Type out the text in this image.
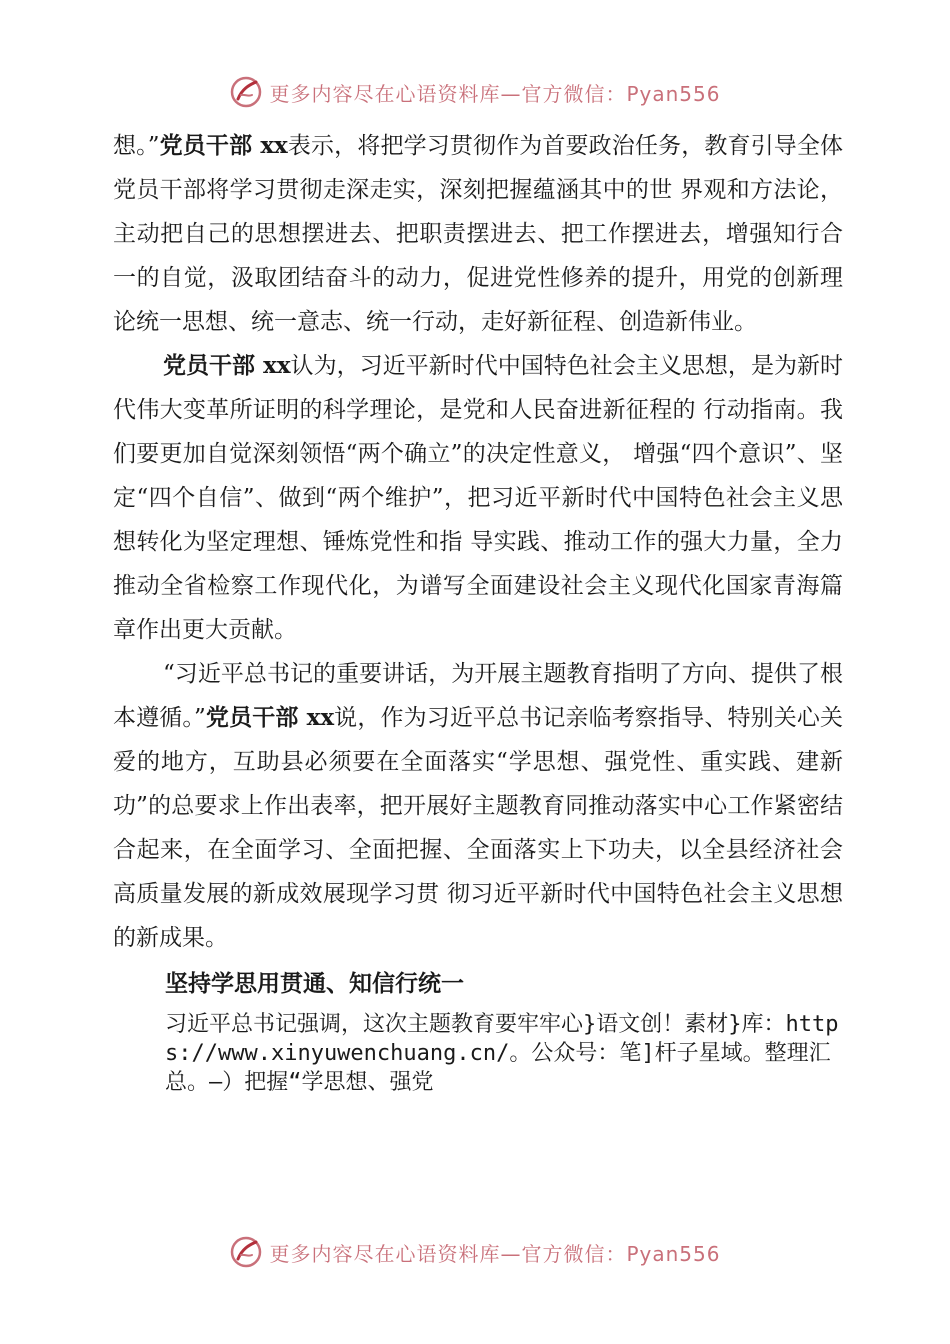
更多内容尽在心语资料库—官方微信：Pyan556

想。”党员干部 xx表示，将把学习贯彻作为首要政治任务，教育引导全体党员干部将学习贯彻走深走实，深刻把握蕴涵其中的世 界观和方法论，主动把自己的思想摆进去、把职责摆进去、把工作摆进去，增强知行合一的自觉，汲取团结奋斗的动力，促进党性修养的提升，用党的创新理论统一思想、统一意志、统一行动，走好新征程、创造新伟业。

党员干部 xx认为，习近平新时代中国特色社会主义思想，是为新时代伟大变革所证明的科学理论，是党和人民奋进新征程的 行动指南。我们要更加自觉深刻领悟“两个确立”的决定性意义， 增强“四个意识”、坚定“四个自信”、做到“两个维护”，把习近平新时代中国特色社会主义思想转化为坚定理想、锤炼党性和指 导实践、推动工作的强大力量，全力推动全省检察工作现代化，为谱写全面建设社会主义现代化国家青海篇章作出更大贡献。

“习近平总书记的重要讲话，为开展主题教育指明了方向、提供了根本遵循。”党员干部 xx说，作为习近平总书记亲临考察指导、特别关心关爱的地方，互助县必须要在全面落实“学思想、强党性、重实践、建新功”的总要求上作出表率，把开展好主题教育同推动落实中心工作紧密结合起来，在全面学习、全面把握、全面落实上下功夫，以全县经济社会高质量发展的新成效展现学习贯 彻习近平新时代中国特色社会主义思想的新成果。

坚持学思用贯通、知信行统一

习近平总书记强调，这次主题教育要牢牢心}语文创！素材}库：https://www.xinyuwenchuang.cn/。公众号：笔]杆子星域。整理汇总。—）把握“学思想、强党

更多内容尽在心语资料库—官方微信：Pyan556
